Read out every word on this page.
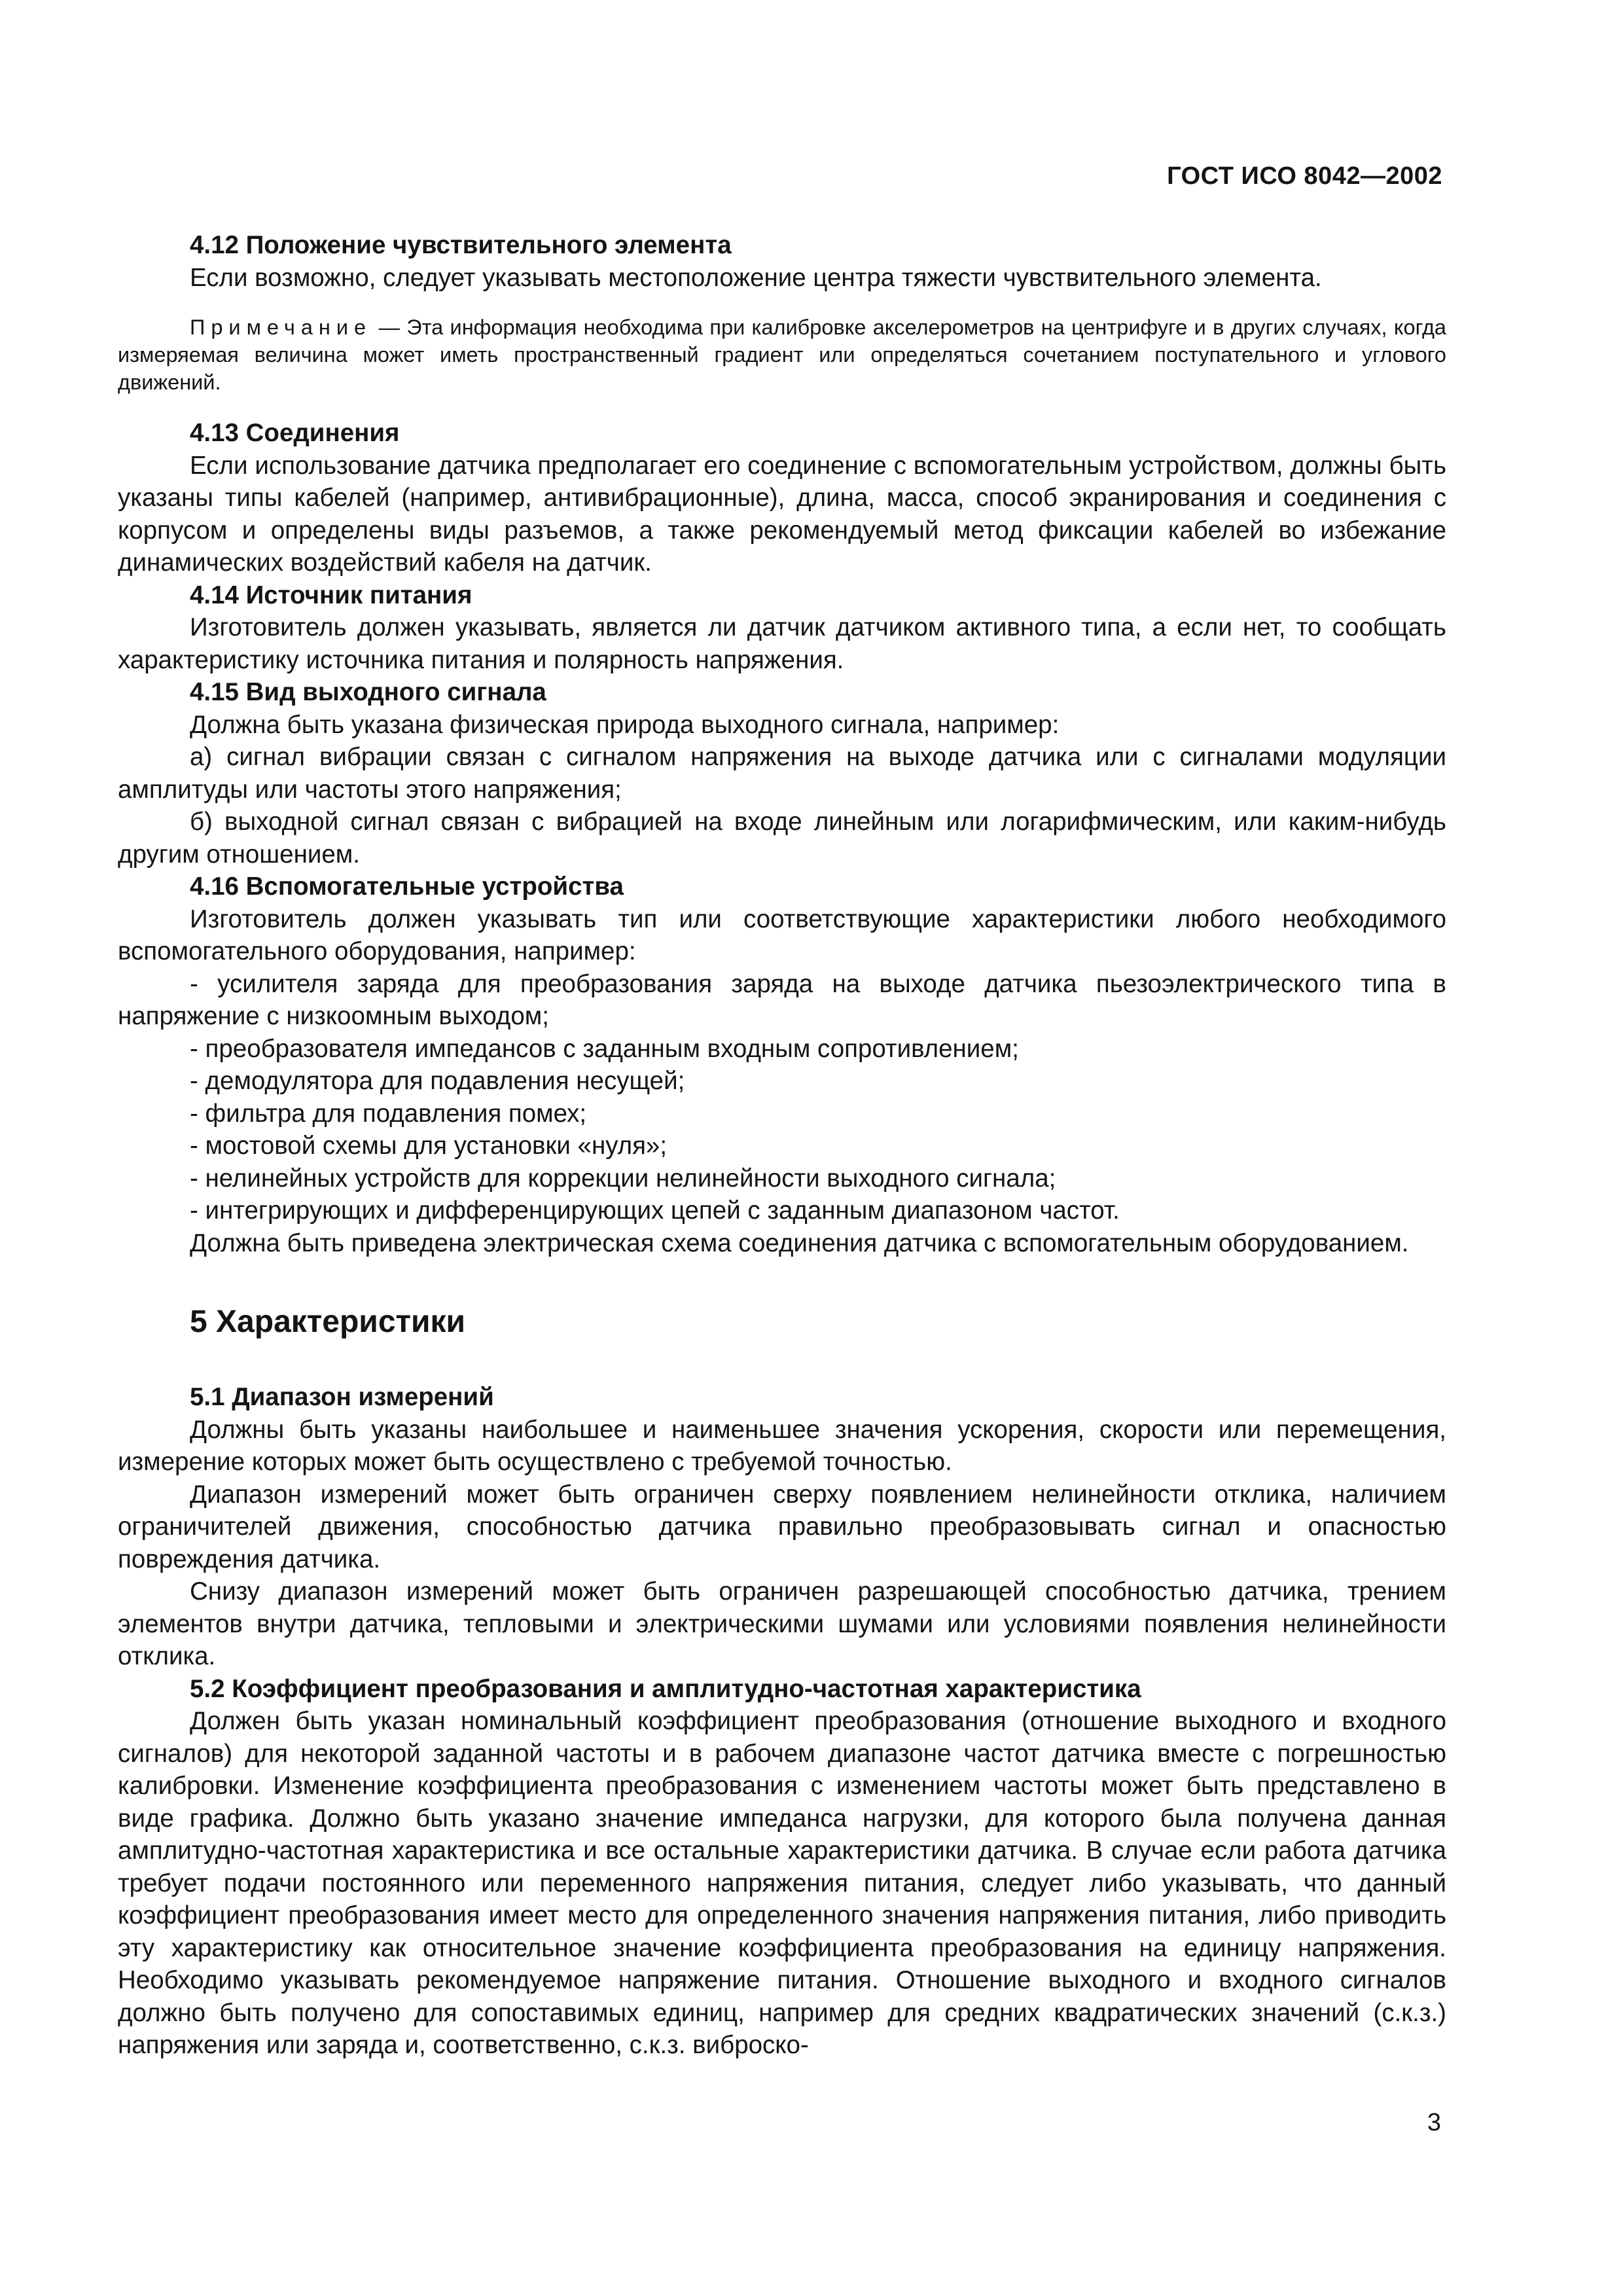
ГОСТ ИСО 8042—2002
4.12 Положение чувствительного элемента

Если возможно, следует указывать местоположение центра тяжести чувствительного элемента.

Примечание — Эта информация необходима при калибровке акселерометров на центрифуге и в других случаях, когда измеряемая величина может иметь пространственный градиент или определяться сочетанием поступательного и углового движений.
4.13 Соединения

Если использование датчика предполагает его соединение с вспомогательным устройством, должны быть указаны типы кабелей (например, антивибрационные), длина, масса, способ экранирования и соединения с корпусом и определены виды разъемов, а также рекомендуемый метод фиксации кабелей во избежание динамических воздействий кабеля на датчик.

4.14 Источник питания

Изготовитель должен указывать, является ли датчик датчиком активного типа, а если нет, то сообщать характеристику источника питания и полярность напряжения.

4.15 Вид выходного сигнала

Должна быть указана физическая природа выходного сигнала, например:

а) сигнал вибрации связан с сигналом напряжения на выходе датчика или с сигналами модуляции амплитуды или частоты этого напряжения;

б) выходной сигнал связан с вибрацией на входе линейным или логарифмическим, или каким-нибудь другим отношением.

4.16 Вспомогательные устройства

Изготовитель должен указывать тип или соответствующие характеристики любого необходимого вспомогательного оборудования, например:

- усилителя заряда для преобразования заряда на выходе датчика пьезоэлектрического типа в напряжение с низкоомным выходом;

- преобразователя импедансов с заданным входным сопротивлением;

- демодулятора для подавления несущей;

- фильтра для подавления помех;

- мостовой схемы для установки «нуля»;

- нелинейных устройств для коррекции нелинейности выходного сигнала;

- интегрирующих и дифференцирующих цепей с заданным диапазоном частот.

Должна быть приведена электрическая схема соединения датчика с вспомогательным оборудованием.

5 Характеристики
5.1 Диапазон измерений

Должны быть указаны наибольшее и наименьшее значения ускорения, скорости или перемещения, измерение которых может быть осуществлено с требуемой точностью.

Диапазон измерений может быть ограничен сверху появлением нелинейности отклика, наличием ограничителей движения, способностью датчика правильно преобразовывать сигнал и опасностью повреждения датчика.

Снизу диапазон измерений может быть ограничен разрешающей способностью датчика, трением элементов внутри датчика, тепловыми и электрическими шумами или условиями появления нелинейности отклика.

5.2 Коэффициент преобразования и амплитудно-частотная характеристика

Должен быть указан номинальный коэффициент преобразования (отношение выходного и входного сигналов) для некоторой заданной частоты и в рабочем диапазоне частот датчика вместе с погрешностью калибровки. Изменение коэффициента преобразования с изменением частоты может быть представлено в виде графика. Должно быть указано значение импеданса нагрузки, для которого была получена данная амплитудно-частотная характеристика и все остальные характеристики датчика. В случае если работа датчика требует подачи постоянного или переменного напряжения питания, следует либо указывать, что данный коэффициент преобразования имеет место для определенного значения напряжения питания, либо приводить эту характеристику как относительное значение коэффициента преобразования на единицу напряжения. Необходимо указывать рекомендуемое напряжение питания. Отношение выходного и входного сигналов должно быть получено для сопоставимых единиц, например для средних квадратических значений (с.к.з.) напряжения или заряда и, соответственно, с.к.з. виброско-

3
